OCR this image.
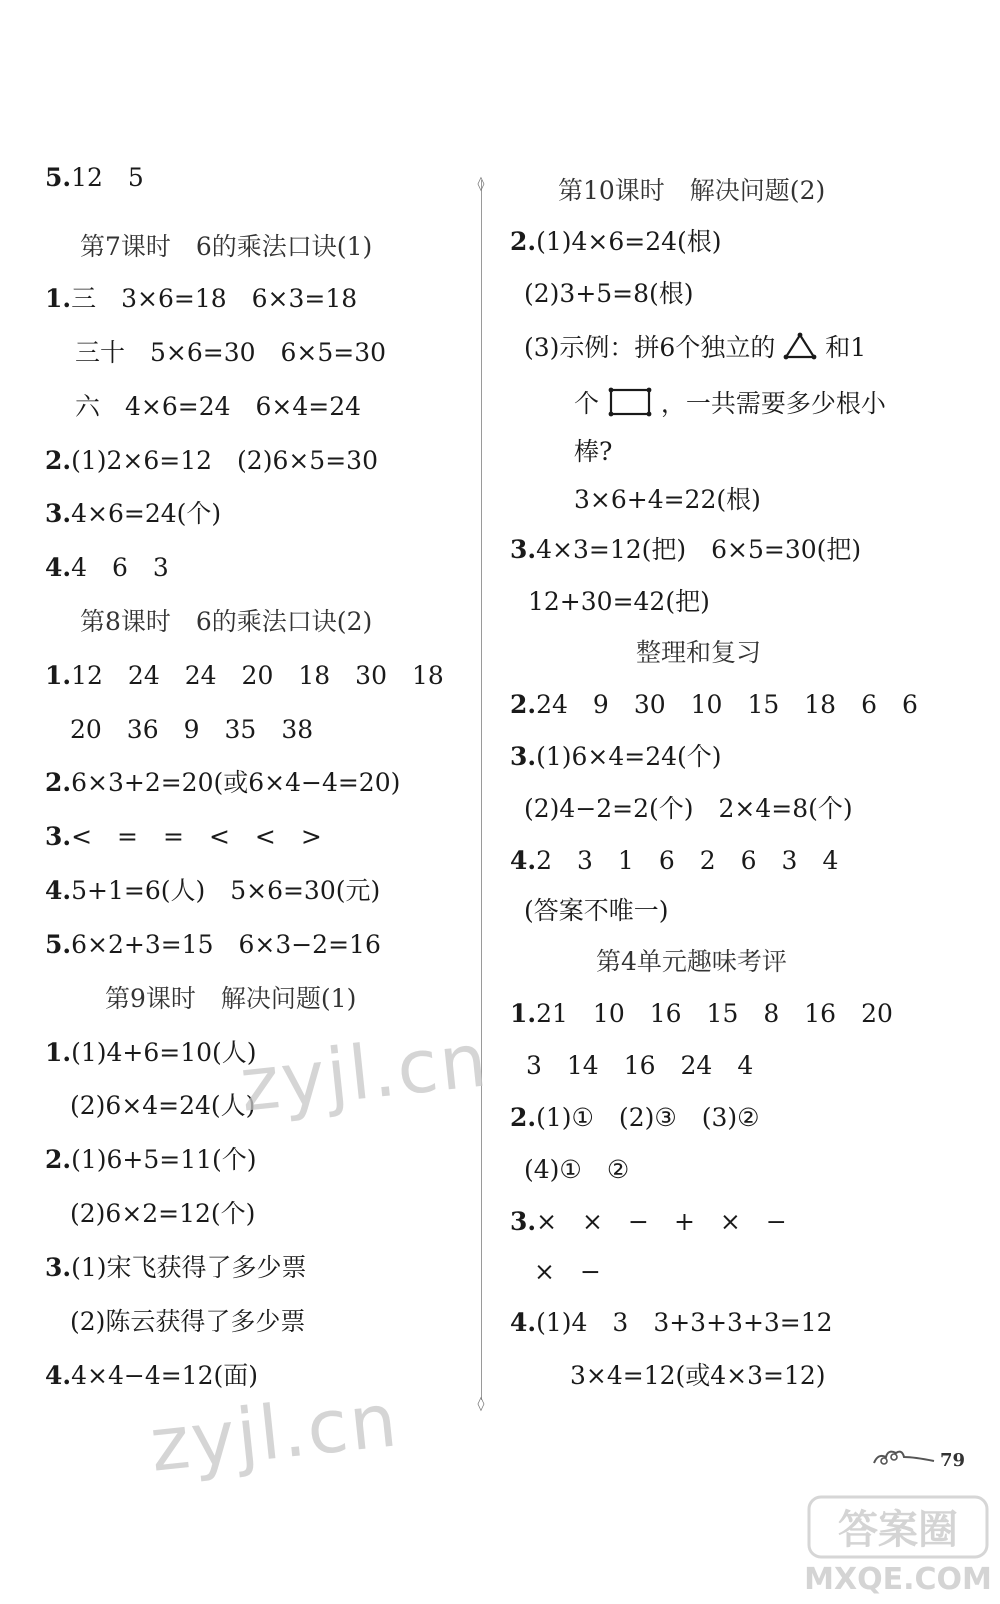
5.12　5
第7课时　6的乘法口诀(1)
1.三　3×6=18　6×3=18
三十　5×6=30　6×5=30
六　4×6=24　6×4=24
2.(1)2×6=12　(2)6×5=30
3.4×6=24(个)
4.4　6　3
第8课时　6的乘法口诀(2)
1.12　24　24　20　18　30　18
20　36　9　35　38
2.6×3+2=20(或6×4−4=20)
3.<　=　=　<　<　>
4.5+1=6(人)　5×6=30(元)
5.6×2+3=15　6×3−2=16
第9课时　解决问题(1)
1.(1)4+6=10(人)
(2)6×4=24(人)
2.(1)6+5=11(个)
(2)6×2=12(个)
3.(1)宋飞获得了多少票
(2)陈云获得了多少票
4.4×4−4=12(面)
◊
◊
第10课时　解决问题(2)
2.(1)4×6=24(根)
(2)3+5=8(根)
(3)示例：拼6个独立的 和1
个 ，一共需要多少根小
棒?
3×6+4=22(根)
3.4×3=12(把)　6×5=30(把)
12+30=42(把)
整理和复习
2.24　9　30　10　15　18　6　6
3.(1)6×4=24(个)
(2)4−2=2(个)　2×4=8(个)
4.2　3　1　6　2　6　3　4
(答案不唯一)
第4单元趣味考评
1.21　10　16　15　8　16　20
3　14　16　24　4
2.(1)①　(2)③　(3)②
(4)①　②
3.×　×　−　+　×　−
×　−
4.(1)4　3　3+3+3+3=12
3×4=12(或4×3=12)
zyjl.cn
zyjl.cn	79
答案圈
MXQE.COM
